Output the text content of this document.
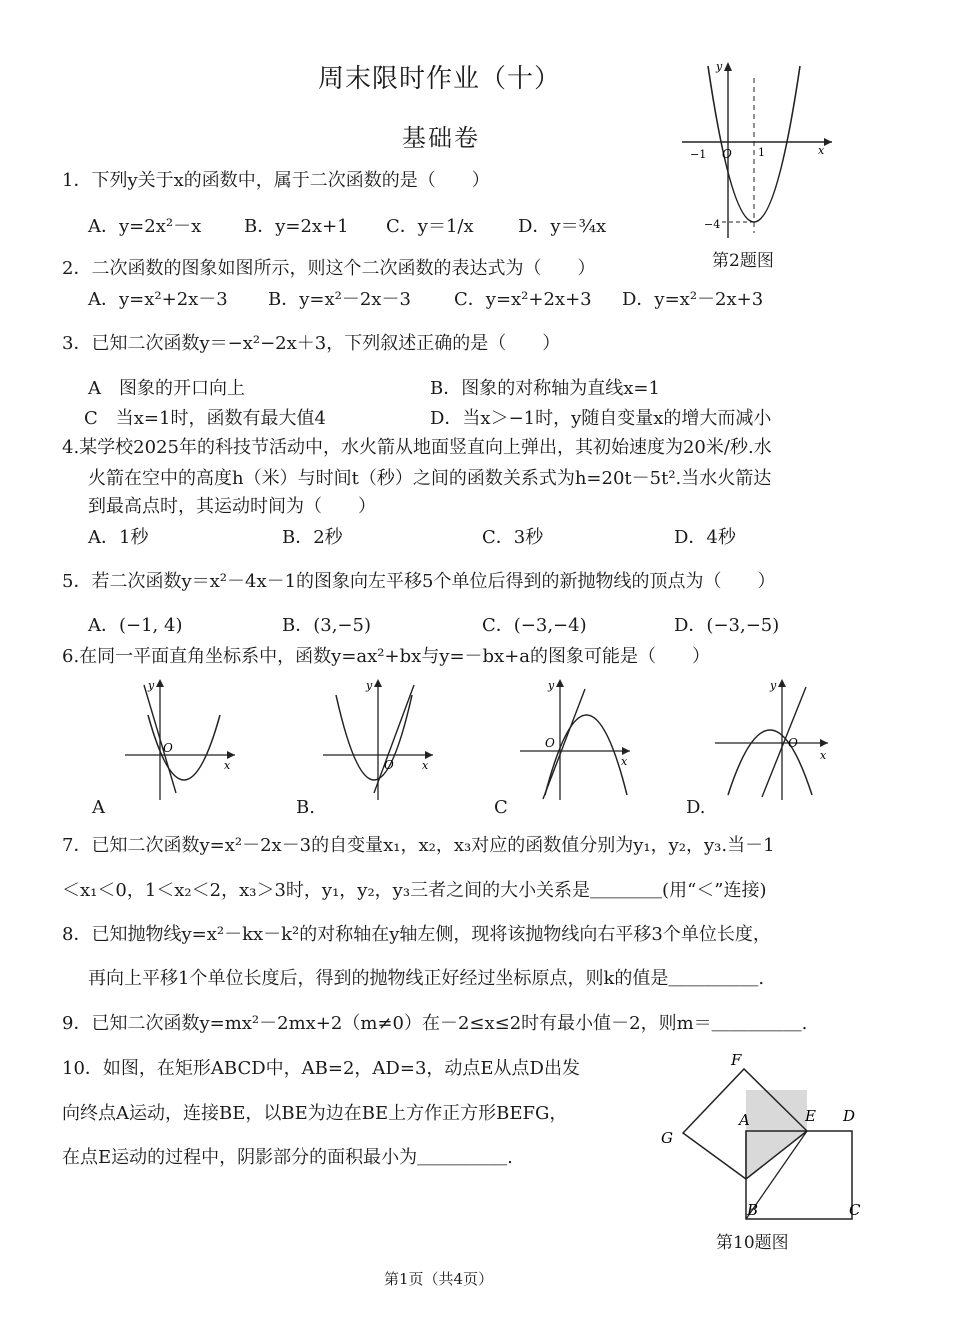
周末限时作业（十）
基础卷
−1 O 1
−4
x
y
第2题图
1．下列y关于x的函数中，属于二次函数的是（　　）
A．y=2x²－x B．y=2x+1 C．y＝1/x D．y＝¾x
2．二次函数的图象如图所示，则这个二次函数的表达式为（　　）
A．y=x²+2x－3 B．y=x²－2x－3 C．y=x²+2x+3 D．y=x²－2x+3
3．已知二次函数y＝−x²−2x＋3，下列叙述正确的是（　　）
A　图象的开口向上	B．图象的对称轴为直线x=1
C　当x=1时，函数有最大值4	D．当x＞−1时，y随自变量x的增大而减小
4.某学校2025年的科技节活动中，水火箭从地面竖直向上弹出，其初始速度为20米/秒.水
火箭在空中的高度h（米）与时间t（秒）之间的函数关系式为h=20t－5t².当水火箭达
到最高点时，其运动时间为（　　）
A．1秒	B．2秒	C．3秒	D．4秒
5．若二次函数y＝x²－4x－1的图象向左平移5个单位后得到的新抛物线的顶点为（　　）
A．(−1, 4)	B．(3,−5)	C．(−3,−4)	D．(−3,−5)
6.在同一平面直角坐标系中，函数y=ax²+bx与y=－bx+a的图象可能是（　　）
O
y
x
A
O
y
x
B.
O
y
x
C
O
y
x
D.
7．已知二次函数y=x²－2x－3的自变量x₁，x₂，x₃对应的函数值分别为y₁，y₂，y₃.当－1
＜x₁＜0，1＜x₂＜2，x₃＞3时，y₁，y₂，y₃三者之间的大小关系是＿＿＿＿(用“＜”连接)
8．已知抛物线y=x²－kx－k²的对称轴在y轴左侧，现将该抛物线向右平移3个单位长度，
再向上平移1个单位长度后，得到的抛物线正好经过坐标原点，则k的值是＿＿＿＿＿.
9．已知二次函数y=mx²－2mx+2（m≠0）在－2≤x≤2时有最小值－2，则m＝＿＿＿＿＿.
10．如图，在矩形ABCD中，AB=2，AD=3，动点E从点D出发
向终点A运动，连接BE，以BE为边在BE上方作正方形BEFG，
在点E运动的过程中，阴影部分的面积最小为＿＿＿＿＿.
F
G
A	E D
B	C
第10题图
第1页（共4页）
